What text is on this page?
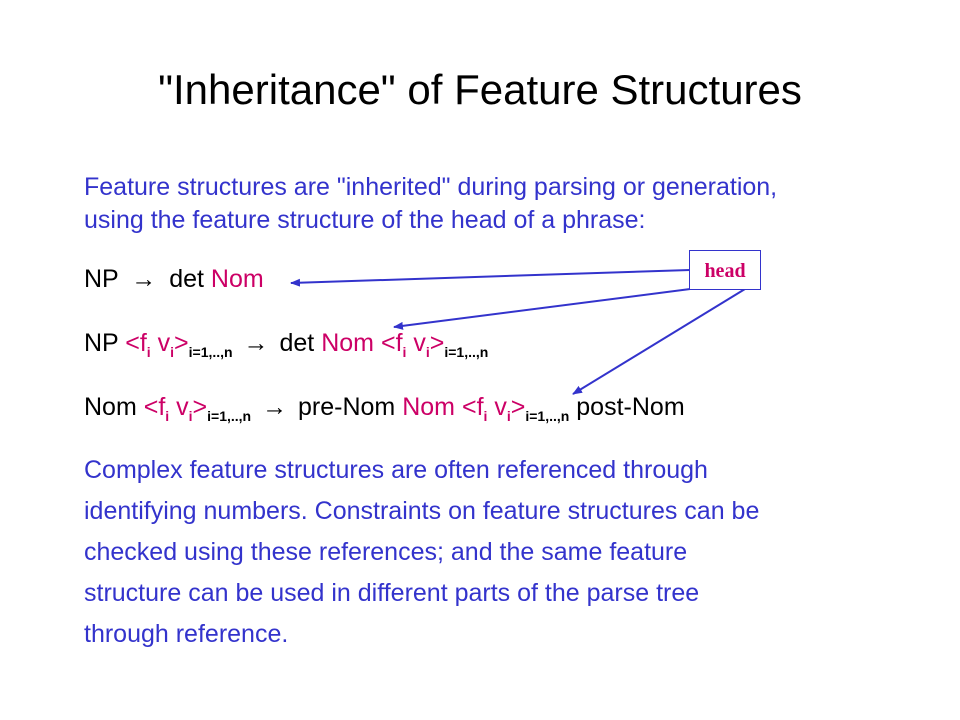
"Inheritance" of Feature Structures
Feature structures are "inherited" during parsing or generation,
using the feature structure of the head of a phrase:
NP → det Nom
NP $<f_i$ $v_i>_{i=1,..,n} \to \det$ Nom $<f_i$ $v_i>_{i=1,..,n}$
Nom $<f_i$ $v_i>_{i=1,..,n} \to pre-Nom$ Nom $<f_i$ $v_i>_{i=1,..,n}$ post-Nom
Complex feature structures are often referenced through
identifying numbers. Constraints on feature structures can be
checked using these references; and the same feature
structure can be used in different parts of the parse tree
through reference.
head
